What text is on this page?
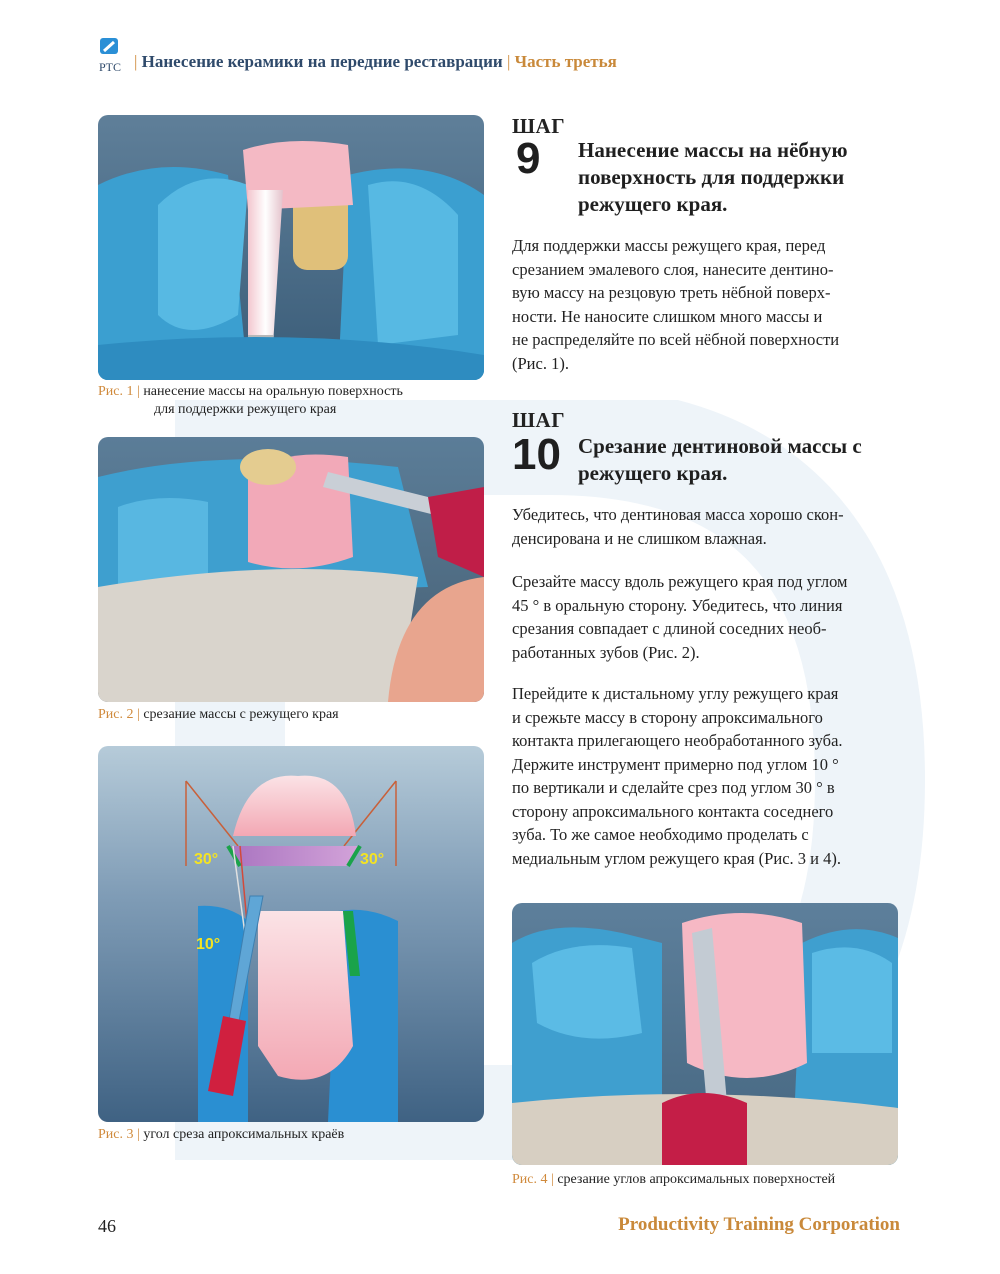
PTC | Нанесение керамики на передние реставрации | Часть третья
Рис. 1 | нанесение массы на оральную поверхность
для поддержки режущего края
Рис. 2 | срезание массы с режущего края
30°	30°
10°
Рис. 3 | угол среза апроксимальных краёв
ШАГ
9 Нанесение массы на нёбную
поверхность для поддержки
режущего края.
Для поддержки массы режущего края, перед
срезанием эмалевого слоя, нанесите дентино-
вую массу на резцовую треть нёбной поверх-
ности. Не наносите слишком много массы и
не распределяйте по всей нёбной поверхности
(Рис. 1).
ШАГ
10 Срезание дентиновой массы с
режущего края.
Убедитесь, что дентиновая масса хорошо скон-
денсирована и не слишком влажная.
Срезайте массу вдоль режущего края под углом
45 ° в оральную сторону. Убедитесь, что линия
срезания совпадает с длиной соседних необ-
работанных зубов (Рис. 2).
Перейдите к дистальному углу режущего края
и срежьте массу в сторону апроксимального
контакта прилегающего необработанного зуба.
Держите инструмент примерно под углом 10 °
по вертикали и сделайте срез под углом 30 ° в
сторону апроксимального контакта соседнего
зуба. То же самое необходимо проделать с
медиальным углом режущего края (Рис. 3 и 4).
Рис. 4 | срезание углов апроксимальных поверхностей
46	Productivity Training Corporation
